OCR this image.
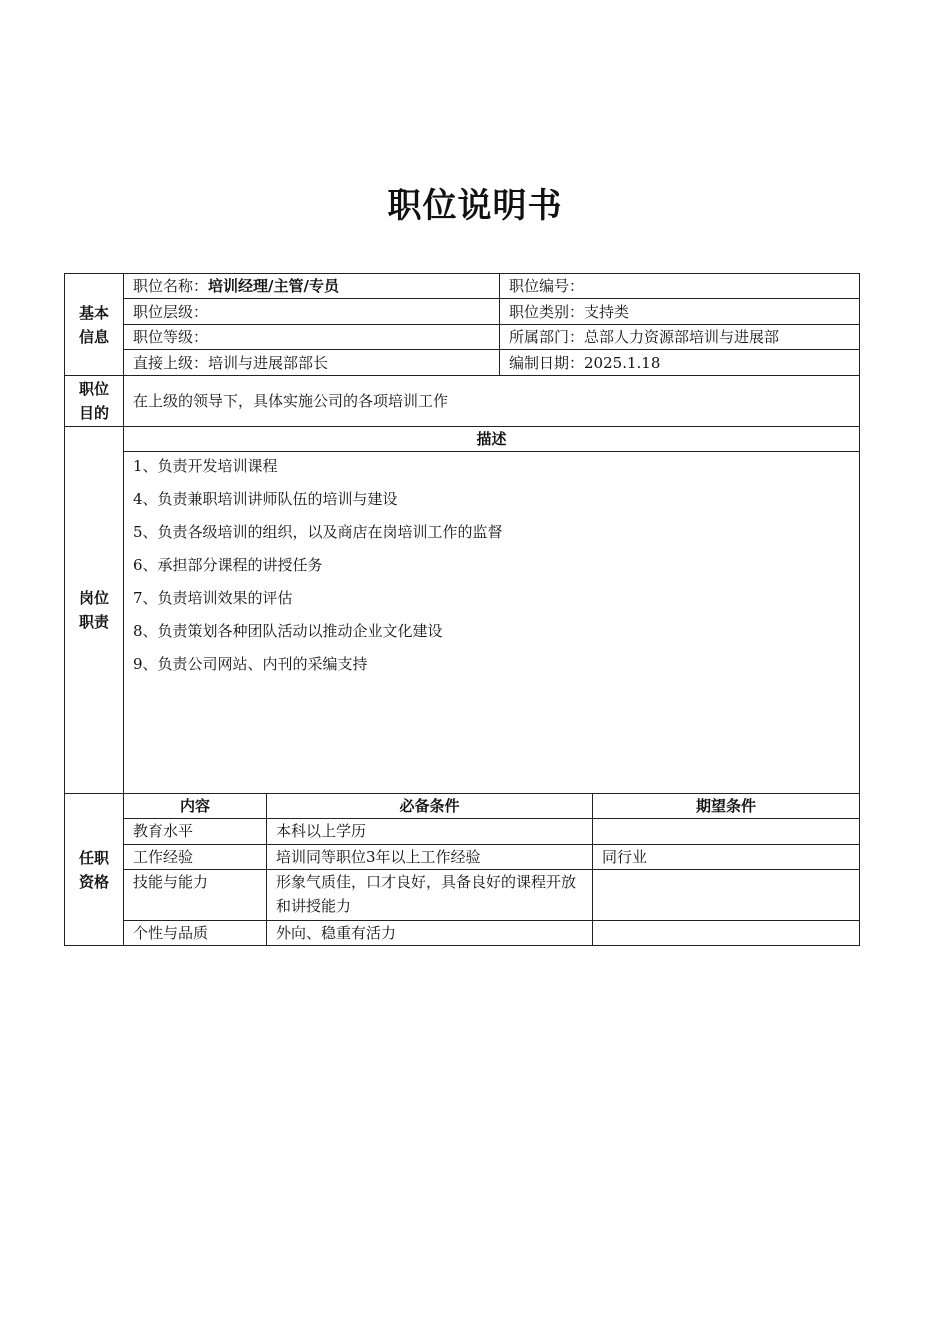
职位说明书
基本信息
	职位名称：培训经理/主管/专员	职位编号：
职位层级：	职位类别：支持类
职位等级：	所属部门：总部人力资源部培训与进展部
直接上级：培训与进展部部长	编制日期：2025.1.18

职位目的
	在上级的领导下，具体实施公司的各项培训工作

岗位职责
	描述

1、负责开发培训课程
4、负责兼职培训讲师队伍的培训与建设
5、负责各级培训的组织，以及商店在岗培训工作的监督
6、承担部分课程的讲授任务
7、负责培训效果的评估
8、负责策划各种团队活动以推动企业文化建设
9、负责公司网站、内刊的采编支持

任职资格

内容	必备条件	期望条件
教育水平	本科以上学历	
工作经验	培训同等职位3年以上工作经验	同行业
技能与能力	形象气质佳，口才良好，具备良好的课程开放和讲授能力	
个性与品质	外向、稳重有活力	
